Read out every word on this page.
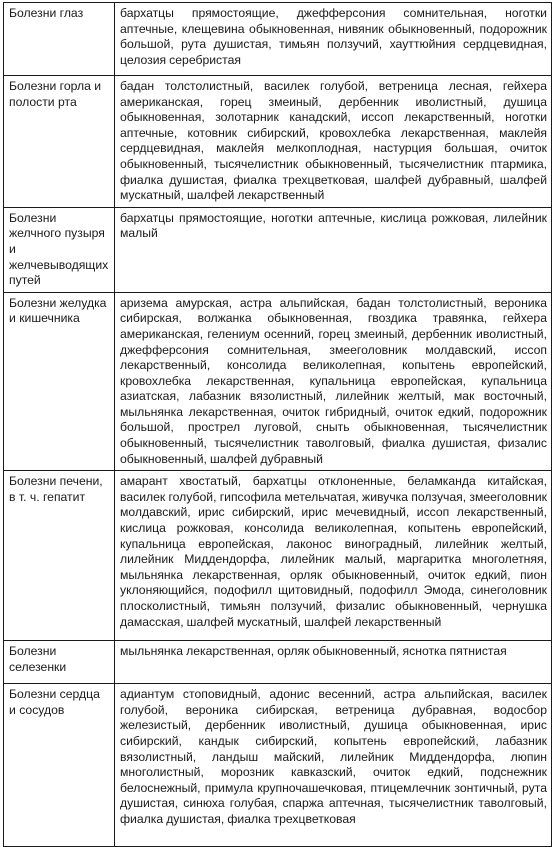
Болезни глаз	бархатцы прямостоящие, джефферсония сомнительная, ноготки аптечные, клещевина обыкновенная, нивяник обыкновенный, подорожник большой, рута душистая, тимьян ползучий, хауттюйния сердцевидная, целозия серебристая
Болезни горла и полости рта	бадан толстолистный, василек голубой, ветреница лесная, гейхера американская, горец змеиный, дербенник иволистный, душица обыкновенная, золотарник канадский, иссоп лекарственный, ноготки аптечные, котовник сибирский, кровохлебка лекарственная, маклейя сердцевидная, маклейя мелкоплодная, настурция большая, очиток обыкновенный, тысячелистник обыкновенный, тысячелистник птармика, фиалка душистая, фиалка трехцветковая, шалфей дубравный, шалфей мускатный, шалфей лекарственный
Болезни желчного пузыря и желчевыводящих путей	бархатцы прямостоящие, ноготки аптечные, кислица рожковая, лилейник малый
Болезни желудка и кишечника	аризема амурская, астра альпийская, бадан толстолистный, вероника сибирская, волжанка обыкновенная, гвоздика травянка, гейхера американская, гелениум осенний, горец змеиный, дербенник иволистный, джефферсония сомнительная, змееголовник молдавский, иссоп лекарственный, консолида великолепная, копытень европейский, кровохлебка лекарственная, купальница европейская, купальница азиатская, лабазник вязолистный, лилейник желтый, мак восточный, мыльнянка лекарственная, очиток гибридный, очиток едкий, подорожник большой, прострел луговой, сныть обыкновенная, тысячелистник обыкновенный, тысячелистник таволговый, фиалка душистая, физалис обыкновенный, шалфей дубравный
Болезни печени, в т. ч. гепатит	амарант хвостатый, бархатцы отклоненные, беламканда китайская, василек голубой, гипсофила метельчатая, живучка ползучая, змееголовник молдавский, ирис сибирский, ирис мечевидный, иссоп лекарственный, кислица рожковая, консолида великолепная, копытень европейский, купальница европейская, лаконос виноградный, лилейник желтый, лилейник Миддендорфа, лилейник малый, маргаритка многолетняя, мыльнянка лекарственная, орляк обыкновенный, очиток едкий, пион уклоняющийся, подофилл щитовидный, подофилл Эмода, синеголовник плосколистный, тимьян ползучий, физалис обыкновенный, чернушка дамасская, шалфей мускатный, шалфей лекарственный
Болезни селезенки	мыльнянка лекарственная, орляк обыкновенный, яснотка пятнистая
Болезни сердца и сосудов	адиантум стоповидный, адонис весенний, астра альпийская, василек голубой, вероника сибирская, ветреница дубравная, водосбор железистый, дербенник иволистный, душица обыкновенная, ирис сибирский, кандык сибирский, копытень европейский, лабазник вязолистный, ландыш майский, лилейник Миддендорфа, люпин многолистный, морозник кавказский, очиток едкий, подснежник белоснежный, примула крупночашечковая, птицемлечник зонтичный, рута душистая, синюха голубая, спаржа аптечная, тысячелистник таволговый, фиалка душистая, фиалка трехцветковая
